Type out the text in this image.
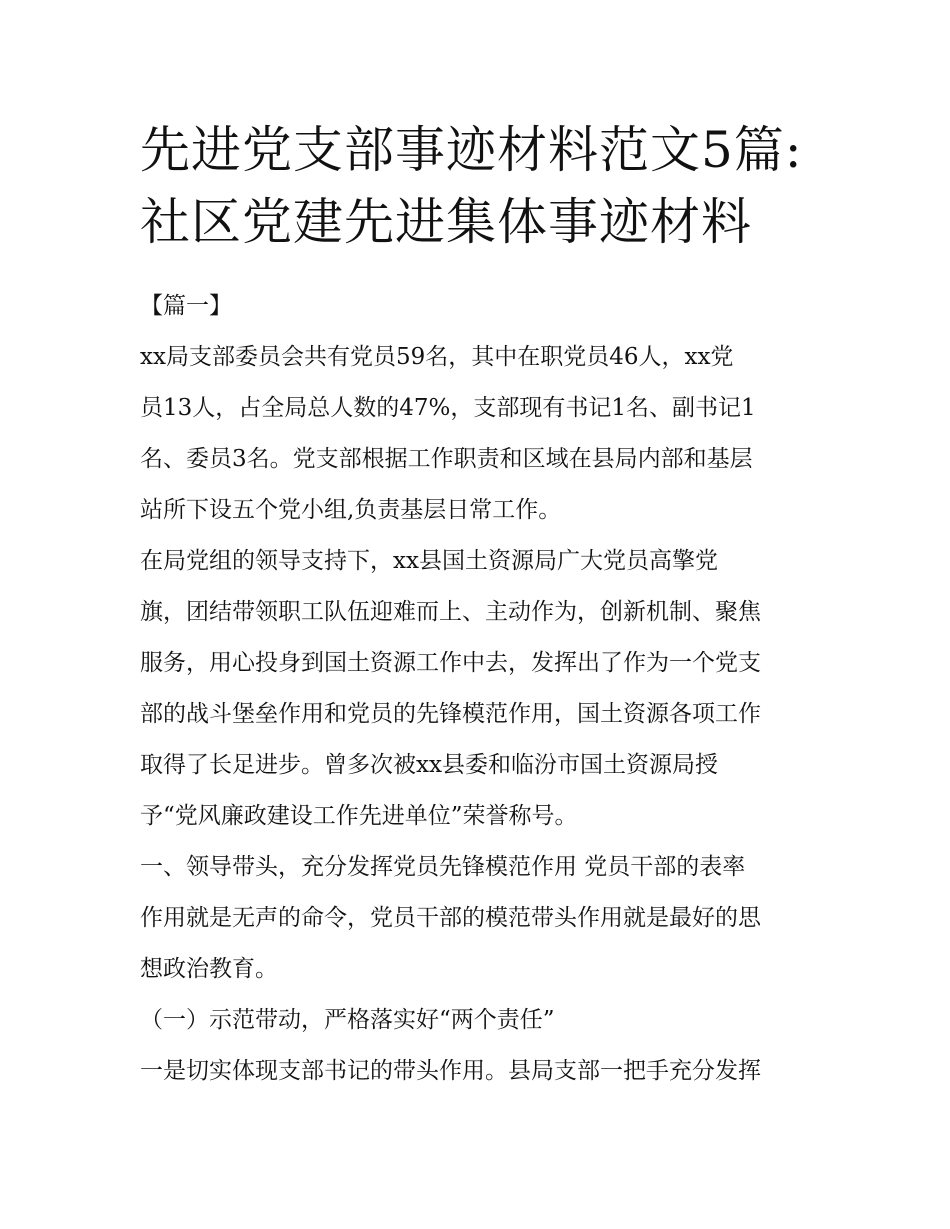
先进党支部事迹材料范文5篇:
社区党建先进集体事迹材料

【篇一】

xx局支部委员会共有党员59名，其中在职党员46人，xx党
员13人，占全局总人数的47%，支部现有书记1名、副书记1
名、委员3名。党支部根据工作职责和区域在县局内部和基层
站所下设五个党小组,负责基层日常工作。

在局党组的领导支持下，xx县国土资源局广大党员高擎党
旗，团结带领职工队伍迎难而上、主动作为，创新机制、聚焦
服务，用心投身到国土资源工作中去，发挥出了作为一个党支
部的战斗堡垒作用和党员的先锋模范作用，国土资源各项工作
取得了长足进步。曾多次被xx县委和临汾市国土资源局授
予“党风廉政建设工作先进单位”荣誉称号。

一、领导带头，充分发挥党员先锋模范作用 党员干部的表率
作用就是无声的命令，党员干部的模范带头作用就是最好的思
想政治教育。

（一）示范带动，严格落实好“两个责任”

一是切实体现支部书记的带头作用。县局支部一把手充分发挥
